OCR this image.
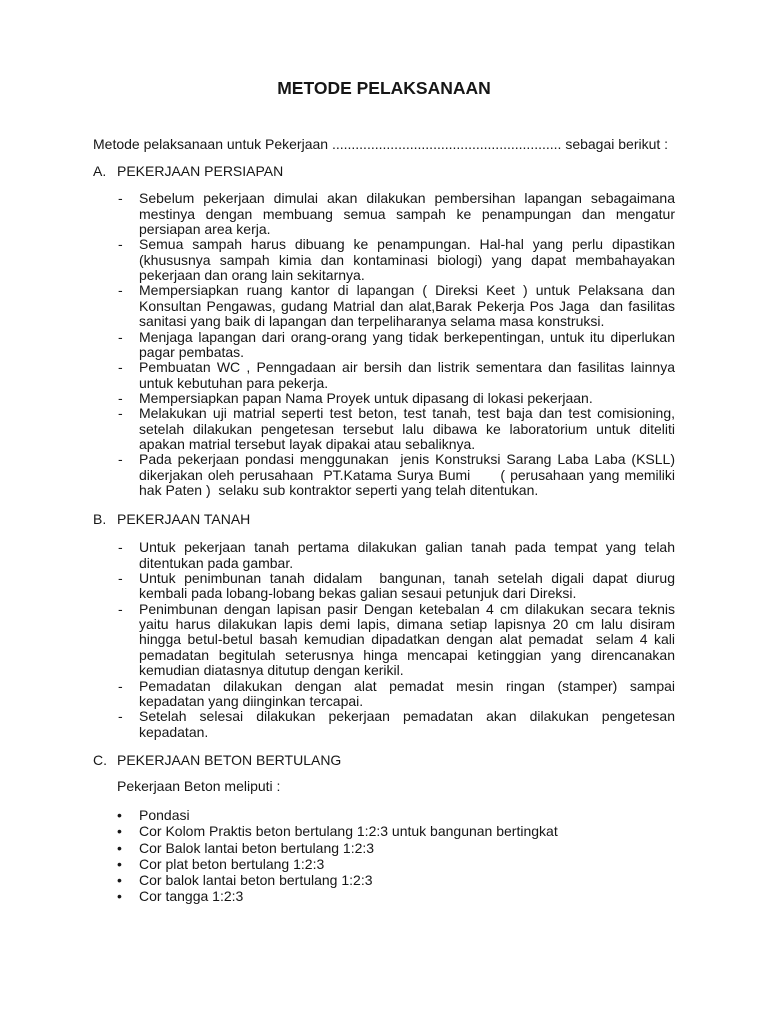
METODE PELAKSANAAN

Metode pelaksanaan untuk Pekerjaan ........................................................... sebagai berikut :

A. PEKERJAAN PERSIAPAN
- Sebelum pekerjaan dimulai akan dilakukan pembersihan lapangan sebagaimana
mestinya dengan membuang semua sampah ke penampungan dan mengatur
persiapan area kerja.
- Semua sampah harus dibuang ke penampungan. Hal-hal yang perlu dipastikan
(khususnya sampah kimia dan kontaminasi biologi) yang dapat membahayakan
pekerjaan dan orang lain sekitarnya.
- Mempersiapkan ruang kantor di lapangan ( Direksi Keet ) untuk Pelaksana dan
Konsultan Pengawas, gudang Matrial dan alat,Barak Pekerja Pos Jaga  dan fasilitas
sanitasi yang baik di lapangan dan terpeliharanya selama masa konstruksi.
- Menjaga lapangan dari orang-orang yang tidak berkepentingan, untuk itu diperlukan
pagar pembatas.
- Pembuatan WC , Penngadaan air bersih dan listrik sementara dan fasilitas lainnya
untuk kebutuhan para pekerja.
- Mempersiapkan papan Nama Proyek untuk dipasang di lokasi pekerjaan.
- Melakukan uji matrial seperti test beton, test tanah, test baja dan test comisioning,
setelah dilakukan pengetesan tersebut lalu dibawa ke laboratorium untuk diteliti
apakan matrial tersebut layak dipakai atau sebaliknya.
- Pada pekerjaan pondasi menggunakan  jenis Konstruksi Sarang Laba Laba (KSLL)
dikerjakan oleh perusahaan  PT.Katama Surya Bumi      ( perusahaan yang memiliki
hak Paten )  selaku sub kontraktor seperti yang telah ditentukan.
B. PEKERJAAN TANAH
- Untuk pekerjaan tanah pertama dilakukan galian tanah pada tempat yang telah
ditentukan pada gambar.
- Untuk penimbunan tanah didalam  bangunan, tanah setelah digali dapat diurug
kembali pada lobang-lobang bekas galian sesaui petunjuk dari Direksi.
- Penimbunan dengan lapisan pasir Dengan ketebalan 4 cm dilakukan secara teknis
yaitu harus dilakukan lapis demi lapis, dimana setiap lapisnya 20 cm lalu disiram
hingga betul-betul basah kemudian dipadatkan dengan alat pemadat  selam 4 kali
pemadatan begitulah seterusnya hinga mencapai ketinggian yang direncanakan
kemudian diatasnya ditutup dengan kerikil.
- Pemadatan dilakukan dengan alat pemadat mesin ringan (stamper) sampai
kepadatan yang diinginkan tercapai.
- Setelah selesai dilakukan pekerjaan pemadatan akan dilakukan pengetesan
kepadatan.
C. PEKERJAAN BETON BERTULANG
Pekerjaan Beton meliputi :
• Pondasi
• Cor Kolom Praktis beton bertulang 1:2:3 untuk bangunan bertingkat
• Cor Balok lantai beton bertulang 1:2:3
• Cor plat beton bertulang 1:2:3
• Cor balok lantai beton bertulang 1:2:3
• Cor tangga 1:2:3
